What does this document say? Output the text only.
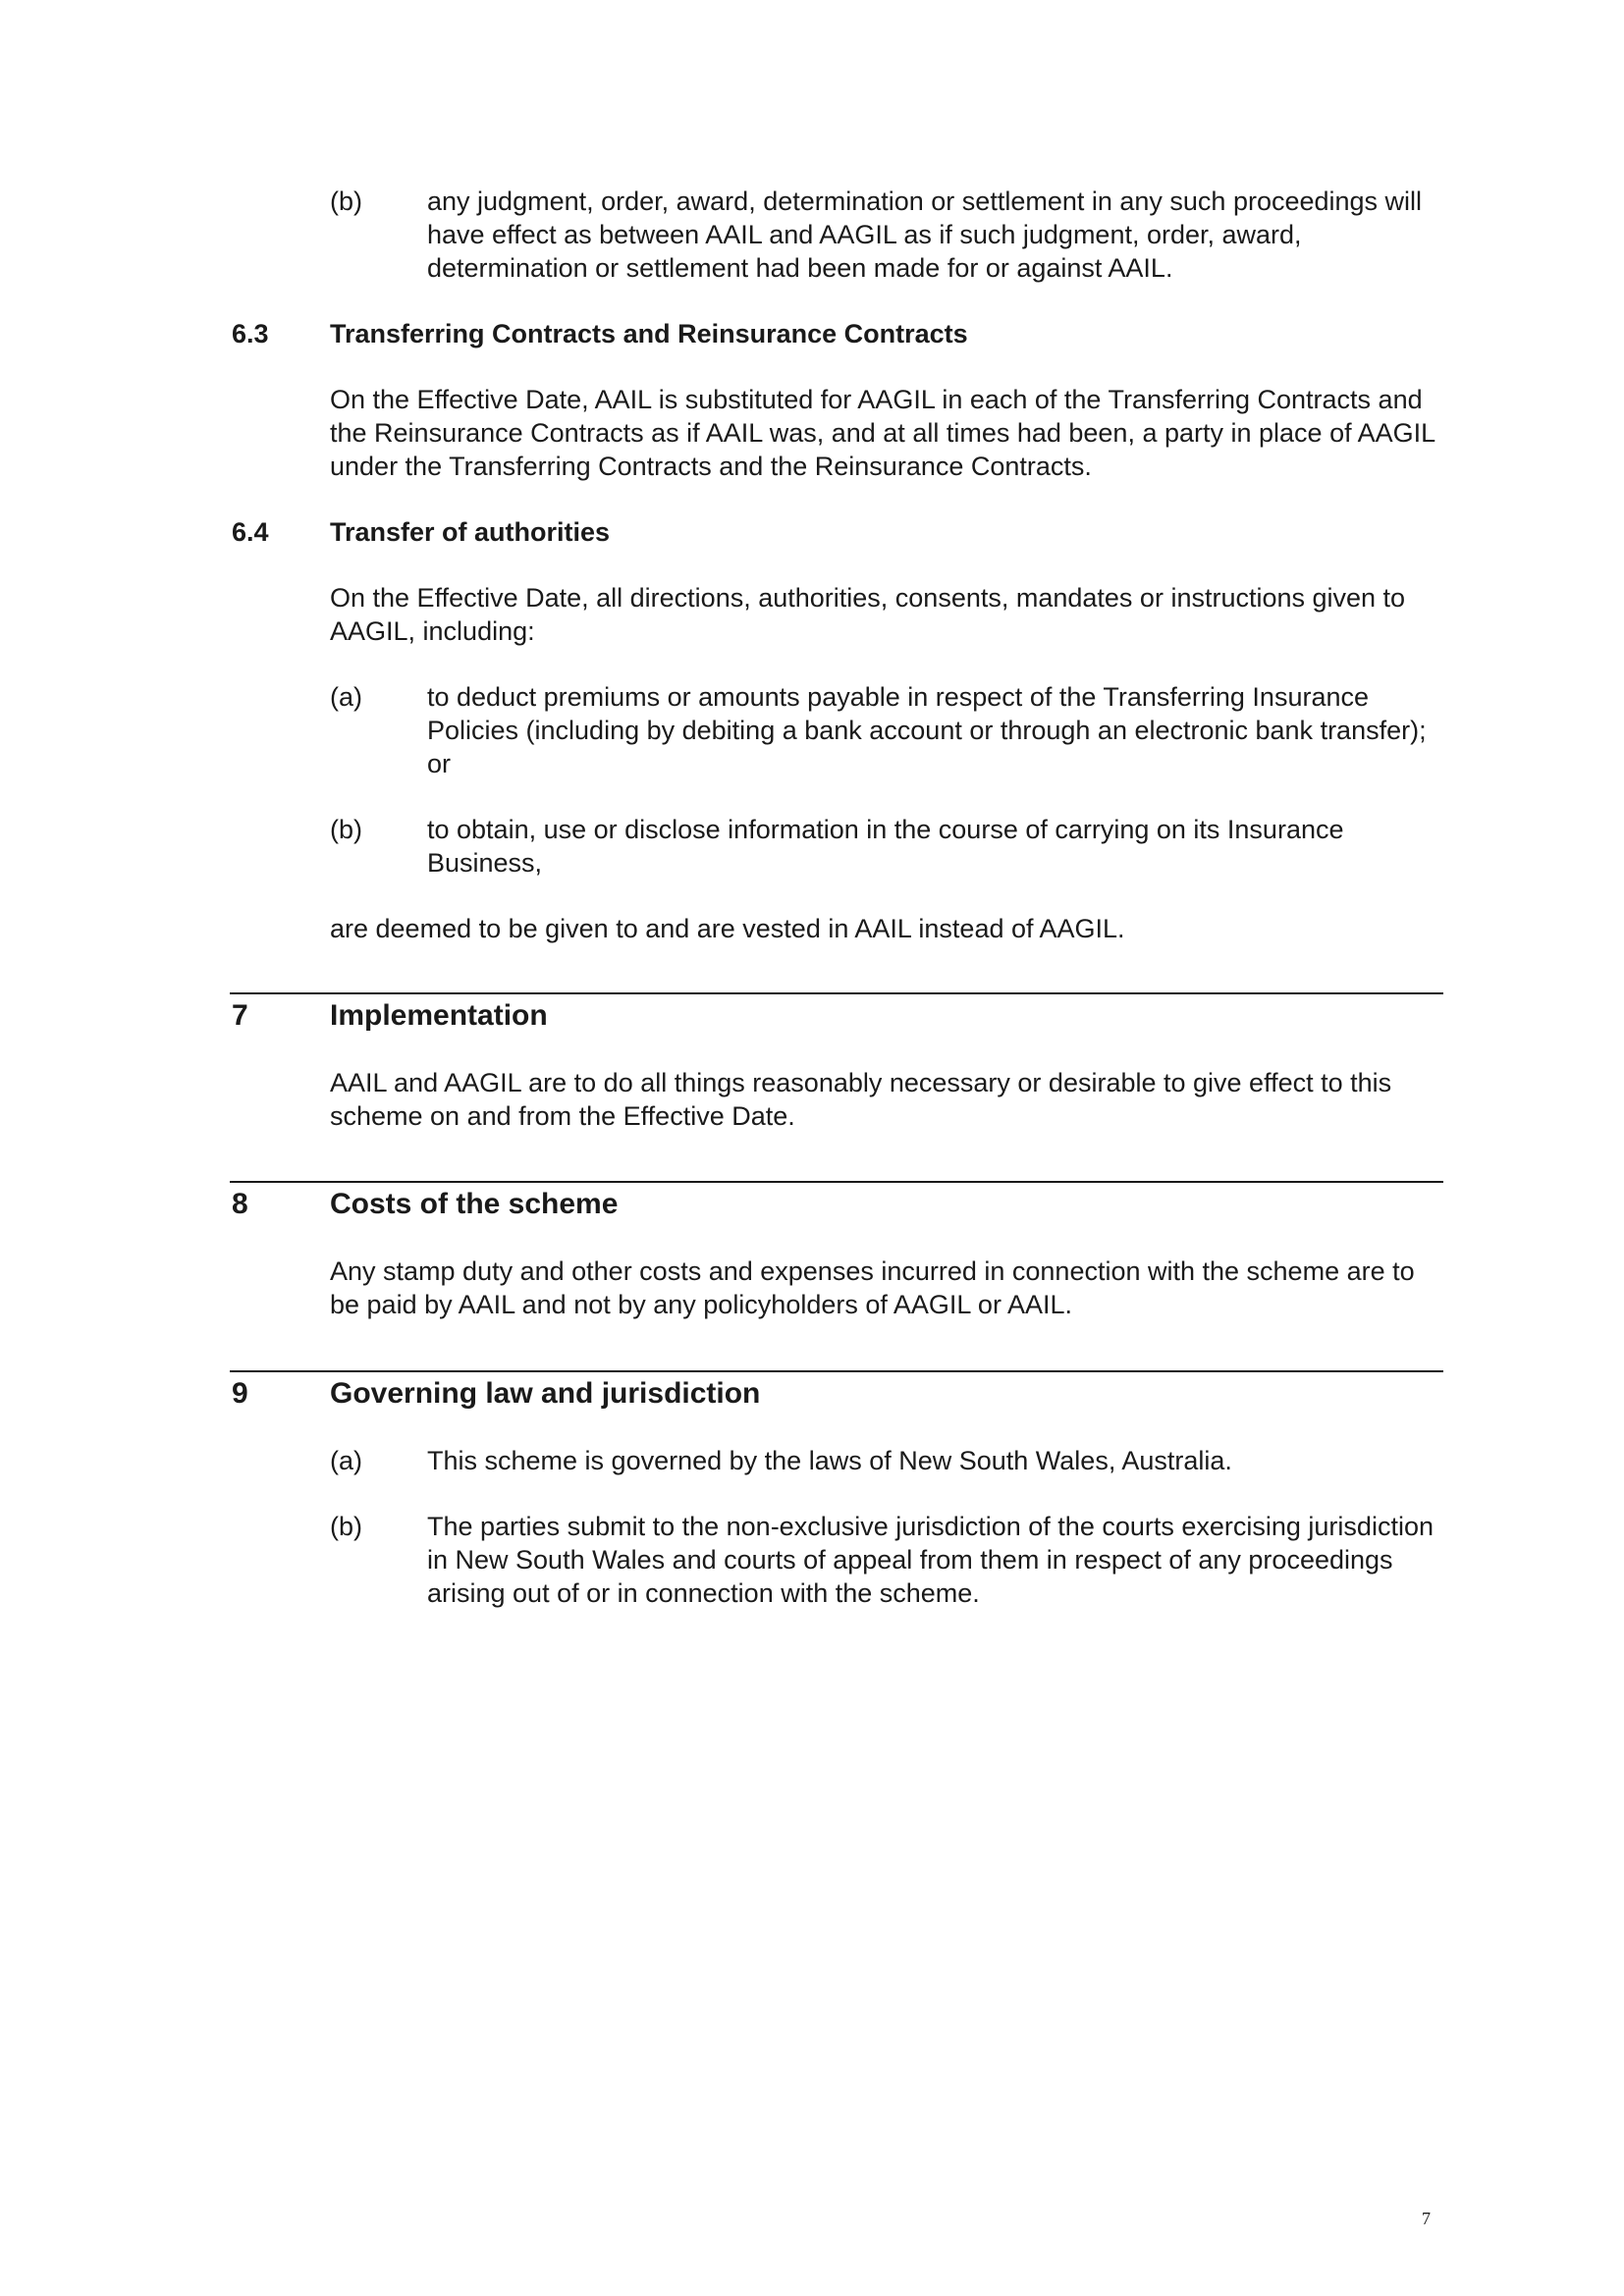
(b) any judgment, order, award, determination or settlement in any such proceedings will have effect as between AAIL and AAGIL as if such judgment, order, award, determination or settlement had been made for or against AAIL.
6.3 Transferring Contracts and Reinsurance Contracts
On the Effective Date, AAIL is substituted for AAGIL in each of the Transferring Contracts and the Reinsurance Contracts as if AAIL was, and at all times had been, a party in place of AAGIL under the Transferring Contracts and the Reinsurance Contracts.
6.4 Transfer of authorities
On the Effective Date, all directions, authorities, consents, mandates or instructions given to AAGIL, including:
(a) to deduct premiums or amounts payable in respect of the Transferring Insurance Policies (including by debiting a bank account or through an electronic bank transfer); or
(b) to obtain, use or disclose information in the course of carrying on its Insurance Business,
are deemed to be given to and are vested in AAIL instead of AAGIL.
7	Implementation
AAIL and AAGIL are to do all things reasonably necessary or desirable to give effect to this scheme on and from the Effective Date.
8	Costs of the scheme
Any stamp duty and other costs and expenses incurred in connection with the scheme are to be paid by AAIL and not by any policyholders of AAGIL or AAIL.
9	Governing law and jurisdiction
(a) This scheme is governed by the laws of New South Wales, Australia.
(b) The parties submit to the non-exclusive jurisdiction of the courts exercising jurisdiction in New South Wales and courts of appeal from them in respect of any proceedings arising out of or in connection with the scheme.
7
